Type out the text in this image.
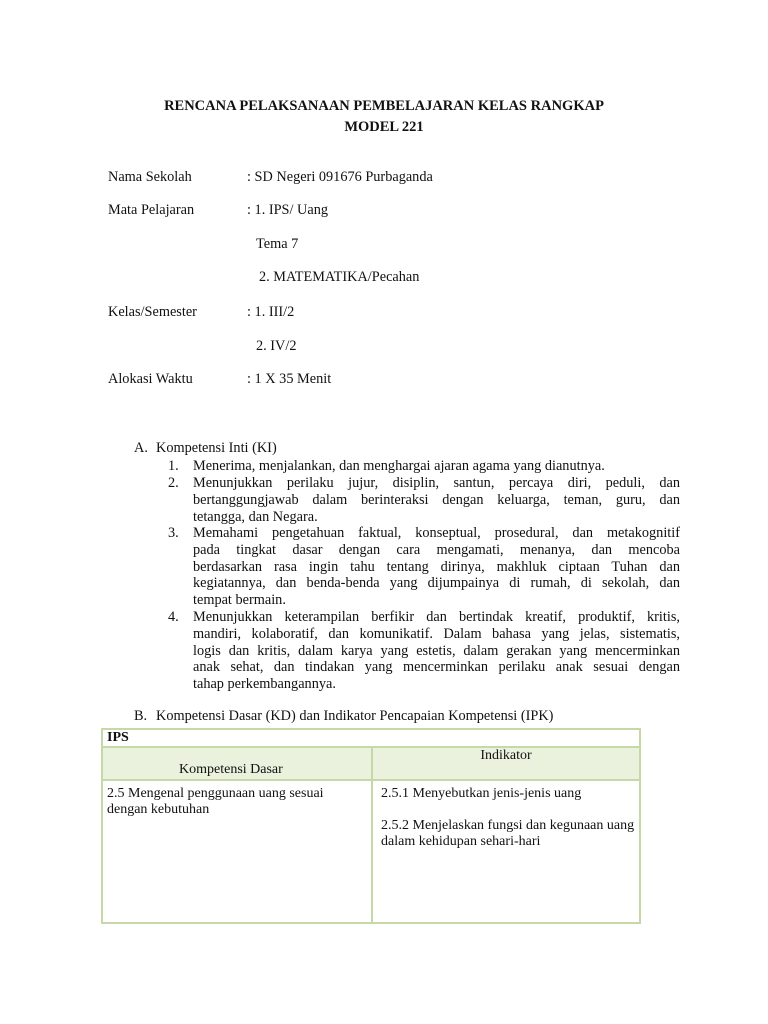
RENCANA PELAKSANAAN PEMBELAJARAN KELAS RANGKAP
MODEL 221
Nama Sekolah	: SD Negeri 091676 Purbaganda
Mata Pelajaran	: 1. IPS/ Uang
Tema 7
2. MATEMATIKA/Pecahan
Kelas/Semester	: 1. III/2
2. IV/2
Alokasi Waktu	: 1 X 35 Menit
A. Kompetensi Inti (KI)
1. Menerima, menjalankan, dan menghargai ajaran agama yang dianutnya.
2. Menunjukkan perilaku jujur, disiplin, santun, percaya diri, peduli, dan
bertanggungjawab dalam berinteraksi dengan keluarga, teman, guru, dan
tetangga, dan Negara.
3. Memahami pengetahuan faktual, konseptual, prosedural, dan metakognitif
pada tingkat dasar dengan cara mengamati, menanya, dan mencoba
berdasarkan rasa ingin tahu tentang dirinya, makhluk ciptaan Tuhan dan
kegiatannya, dan benda-benda yang dijumpainya di rumah, di sekolah, dan
tempat bermain.
4. Menunjukkan keterampilan berfikir dan bertindak kreatif, produktif, kritis,
mandiri, kolaboratif, dan komunikatif. Dalam bahasa yang jelas, sistematis,
logis dan kritis, dalam karya yang estetis, dalam gerakan yang mencerminkan
anak sehat, dan tindakan yang mencerminkan perilaku anak sesuai dengan
tahap perkembangannya.
B. Kompetensi Dasar (KD) dan Indikator Pencapaian Kompetensi (IPK)
IPS	

Kompetensi Dasar	Indikator

2.5 Mengenal penggunaan uang sesuai
dengan kebutuhan	2.5.1 Menyebutkan jenis-jenis uang
2.5.2 Menjelaskan fungsi dan kegunaan uang dalam kehidupan sehari-hari
